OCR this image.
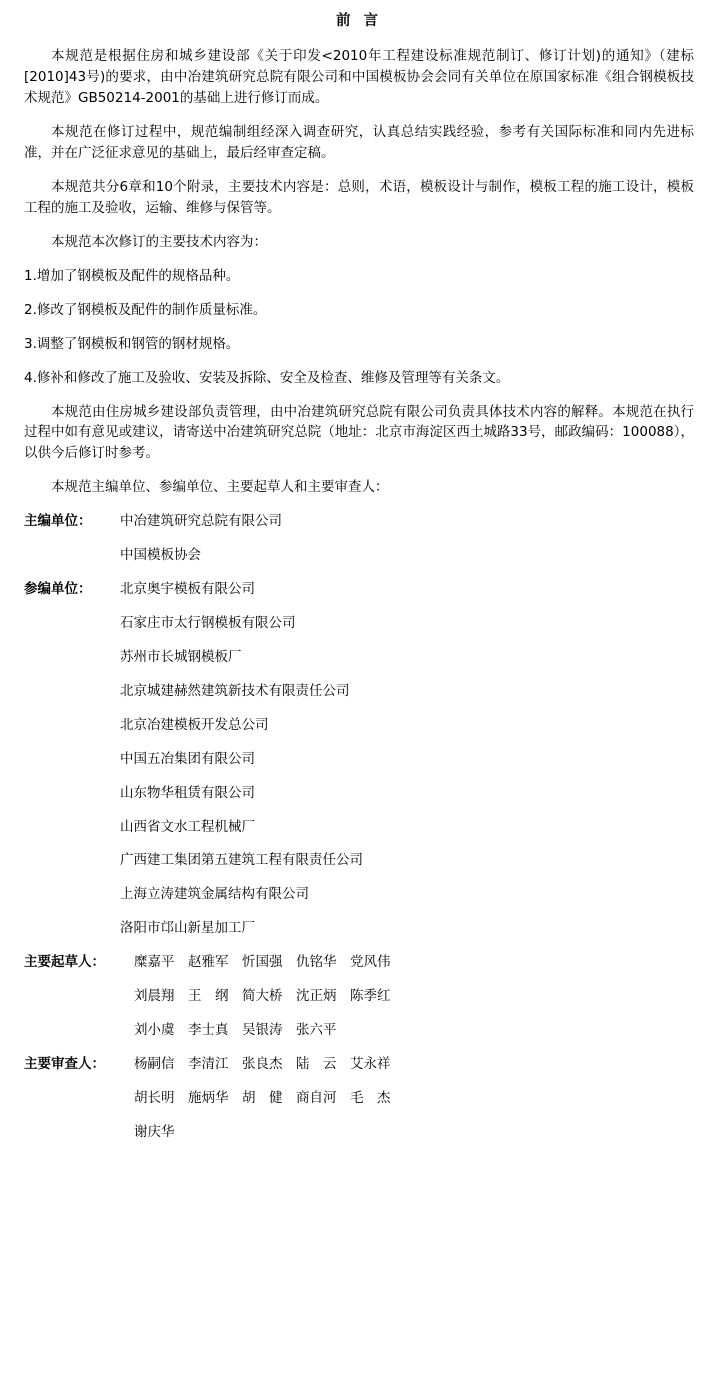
前 言

本规范是根据住房和城乡建设部《关于印发<2010年工程建设标准规范制订、修订计划)的通知》（建标[2010]43号)的要求，由中冶建筑研究总院有限公司和中国模板协会会同有关单位在原国家标准《组合钢模板技术规范》GB50214-2001的基础上进行修订而成。

本规范在修订过程中，规范编制组经深入调查研究，认真总结实践经验，参考有关国际标准和同内先进标准，并在广泛征求意见的基础上，最后经审查定稿。

本规范共分6章和10个附录，主要技术内容是：总则，术语，模板设计与制作，模板工程的施工设计，模板工程的施工及验收，运输、维修与保管等。

本规范本次修订的主要技术内容为：

1.增加了钢模板及配件的规格品种。

2.修改了钢模板及配件的制作质量标准。

3.调整了钢模板和钢管的钢材规格。

4.修补和修改了施工及验收、安装及拆除、安全及检查、维修及管理等有关条文。

本规范由住房城乡建设部负责管理，由中冶建筑研究总院有限公司负责具体技术内容的解释。本规范在执行过程中如有意见或建议，请寄送中冶建筑研究总院（地址：北京市海淀区西土城路33号，邮政编码：100088），以供今后修订时参考。

本规范主编单位、参编单位、主要起草人和主要审查人：

主编单位：	中冶建筑研究总院有限公司
中国模板协会
参编单位：	北京奥宇模板有限公司
石家庄市太行钢模板有限公司
苏州市长城钢模板厂
北京城建赫然建筑新技术有限责任公司
北京冶建模板开发总公司
中国五冶集团有限公司
山东物华租赁有限公司
山西省文水工程机械厂
广西建工集团第五建筑工程有限责任公司
上海立涛建筑金属结构有限公司
洛阳市邙山新星加工厂
主要起草人：	糜嘉平　赵雅军　忻国强　仇铭华　党风伟
刘晨翔　王　纲　简大桥　沈正炳　陈季红
刘小虞　李士真　吴银涛　张六平
主要审查人：	杨嗣信　李清江　张良杰　陆　云　艾永祥
胡长明　施炳华　胡　健　商自河　毛　杰
谢庆华
